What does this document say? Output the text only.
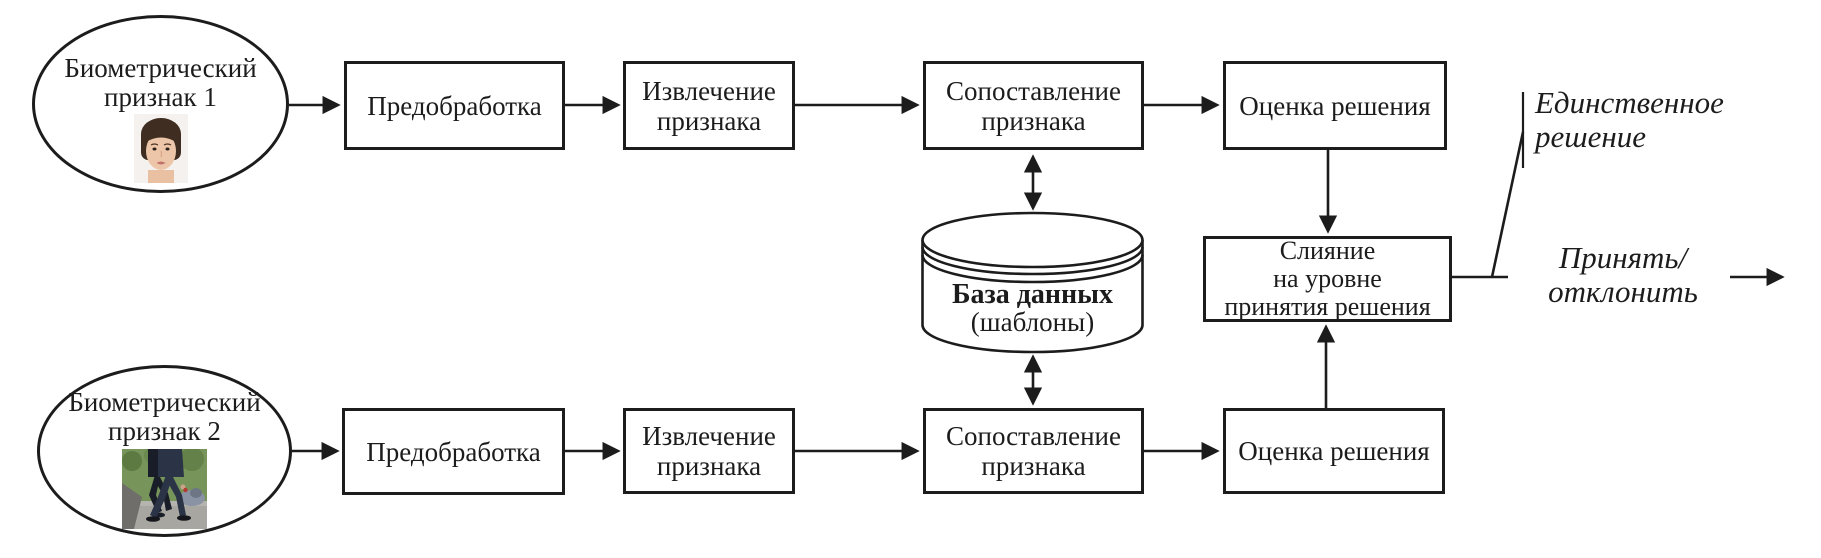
Биометрический
признак 1
Биометрический
признак 2
Предобработка	Извлечение
признака
Сопоставление
признака	Оценка решения
Предобработка
Извлечение
признака
Сопоставление
признака	Оценка решения
Слияние
на уровне
принятия решения
База данных
(шаблоны)
Единственное
решение
Принять/
отклонить
